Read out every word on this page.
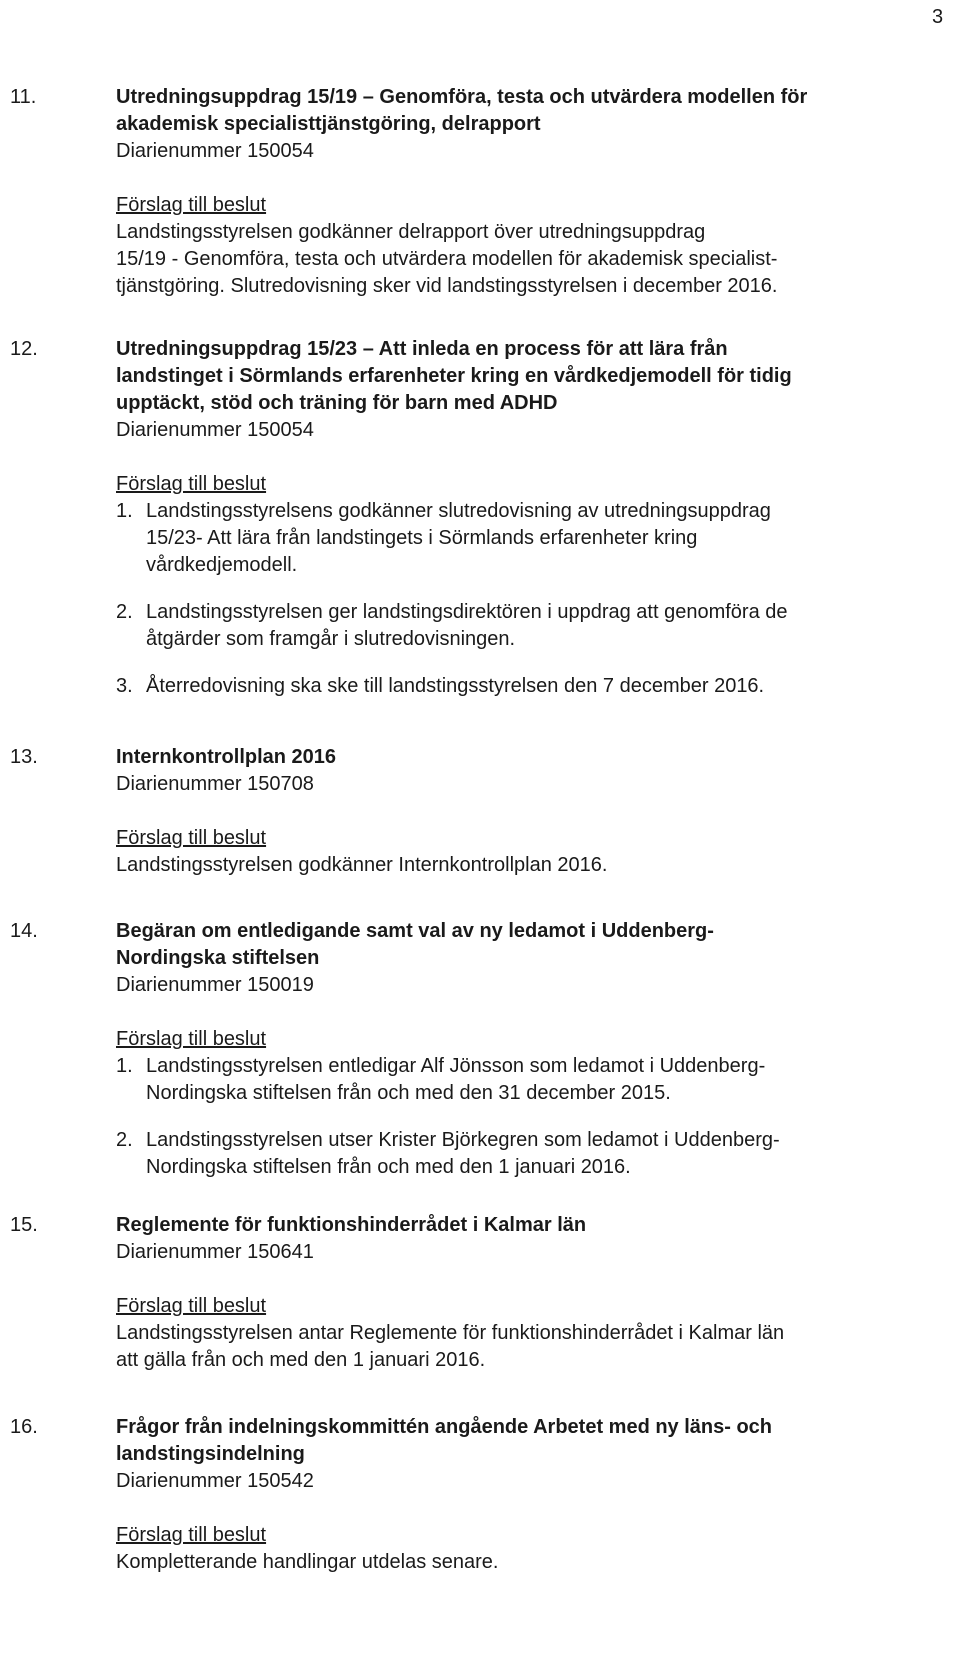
3
11.	Utredningsuppdrag 15/19 – Genomföra, testa och utvärdera modellen för
akademisk specialisttjänstgöring, delrapport
Diarienummer 150054
Förslag till beslut
Landstingsstyrelsen godkänner delrapport över utredningsuppdrag
15/19 - Genomföra, testa och utvärdera modellen för akademisk specialist-
tjänstgöring. Slutredovisning sker vid landstingsstyrelsen i december 2016.
12.	Utredningsuppdrag 15/23 – Att inleda en process för att lära från
landstinget i Sörmlands erfarenheter kring en vårdkedjemodell för tidig
upptäckt, stöd och träning för barn med ADHD
Diarienummer 150054
Förslag till beslut
1. Landstingsstyrelsens godkänner slutredovisning av utredningsuppdrag
15/23- Att lära från landstingets i Sörmlands erfarenheter kring
vårdkedjemodell.
2. Landstingsstyrelsen ger landstingsdirektören i uppdrag att genomföra de
åtgärder som framgår i slutredovisningen.
3. Återredovisning ska ske till landstingsstyrelsen den 7 december 2016.
13.	Internkontrollplan 2016
Diarienummer 150708
Förslag till beslut
Landstingsstyrelsen godkänner Internkontrollplan 2016.
14.	Begäran om entledigande samt val av ny ledamot i Uddenberg-
Nordingska stiftelsen
Diarienummer 150019
Förslag till beslut
1. Landstingsstyrelsen entledigar Alf Jönsson som ledamot i Uddenberg-
Nordingska stiftelsen från och med den 31 december 2015.
2. Landstingsstyrelsen utser Krister Björkegren som ledamot i Uddenberg-
Nordingska stiftelsen från och med den 1 januari 2016.
15.	Reglemente för funktionshinderrådet i Kalmar län
Diarienummer 150641
Förslag till beslut
Landstingsstyrelsen antar Reglemente för funktionshinderrådet i Kalmar län
att gälla från och med den 1 januari 2016.
16.	Frågor från indelningskommittén angående Arbetet med ny läns- och
landstingsindelning
Diarienummer 150542
Förslag till beslut
Kompletterande handlingar utdelas senare.
